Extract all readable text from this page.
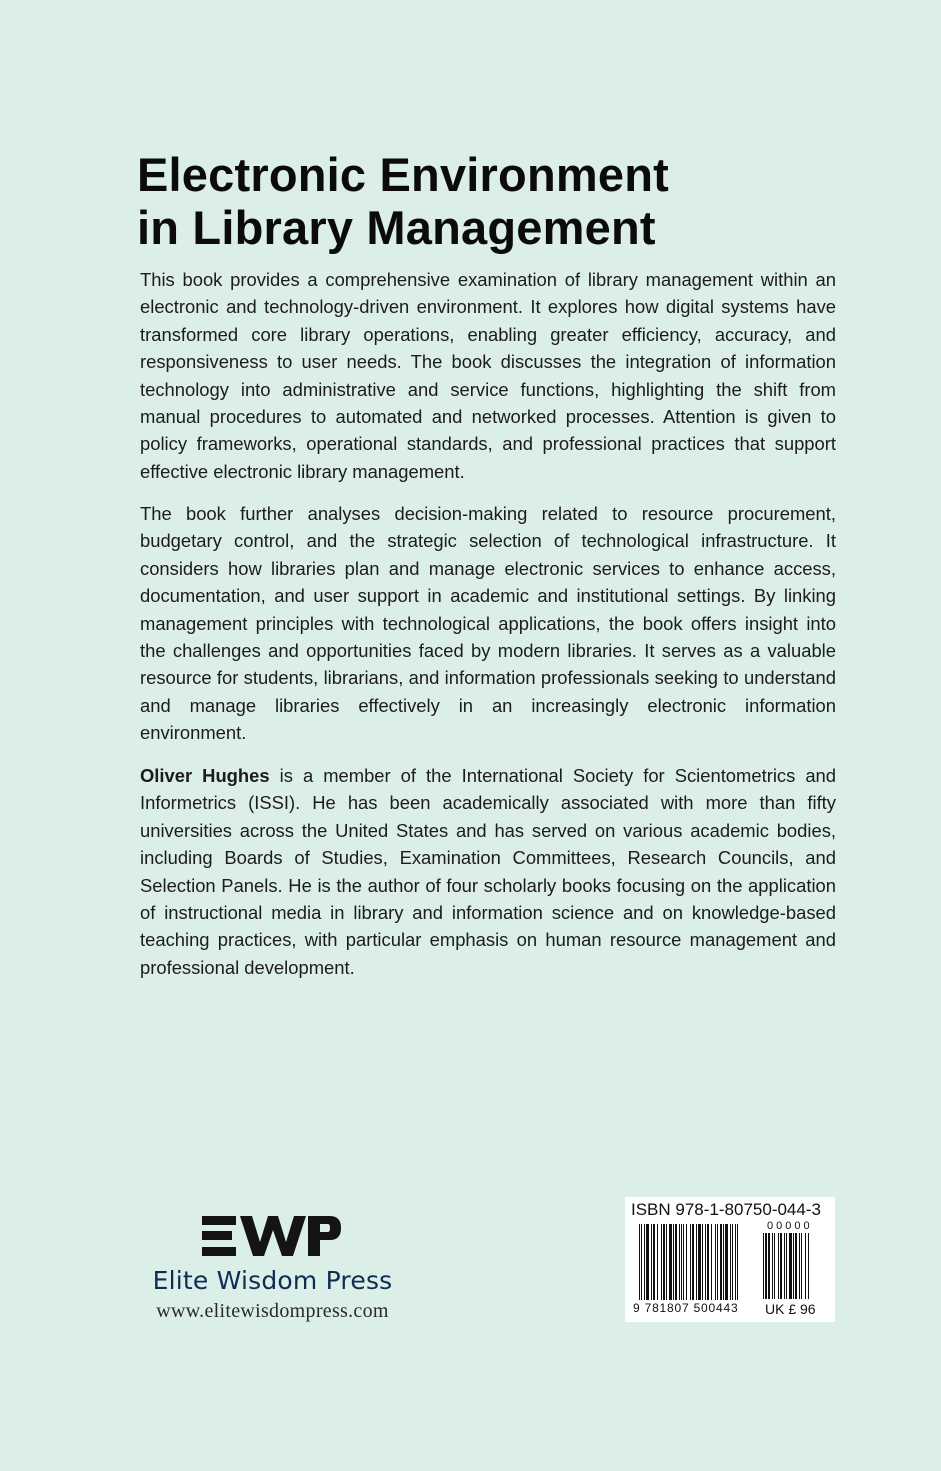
Electronic Environment
in Library Management

This book provides a comprehensive examination of library management within an electronic and technology-driven environment. It explores how digital systems have transformed core library operations, enabling greater efficiency, accuracy, and responsiveness to user needs. The book discusses the integration of information technology into administrative and service functions, highlighting the shift from manual procedures to automated and networked processes. Attention is given to policy frameworks, operational standards, and professional practices that support effective electronic library management.

The book further analyses decision-making related to resource procurement, budgetary control, and the strategic selection of technological infrastructure. It considers how libraries plan and manage electronic services to enhance access, documentation, and user support in academic and institutional settings. By linking management principles with technological applications, the book offers insight into the challenges and opportunities faced by modern libraries. It serves as a valuable resource for students, librarians, and information professionals seeking to understand and manage libraries effectively in an increasingly electronic information environment.

Oliver Hughes is a member of the International Society for Scientometrics and Informetrics (ISSI). He has been academically associated with more than fifty universities across the United States and has served on various academic bodies, including Boards of Studies, Examination Committees, Research Councils, and Selection Panels. He is the author of four scholarly books focusing on the application of instructional media in library and information science and on knowledge-based teaching practices, with particular emphasis on human resource management and professional development.

Elite Wisdom Press
www.elitewisdompress.com
ISBN 978-1-80750-044-3
00000
9 781807 500443 UK £ 96
